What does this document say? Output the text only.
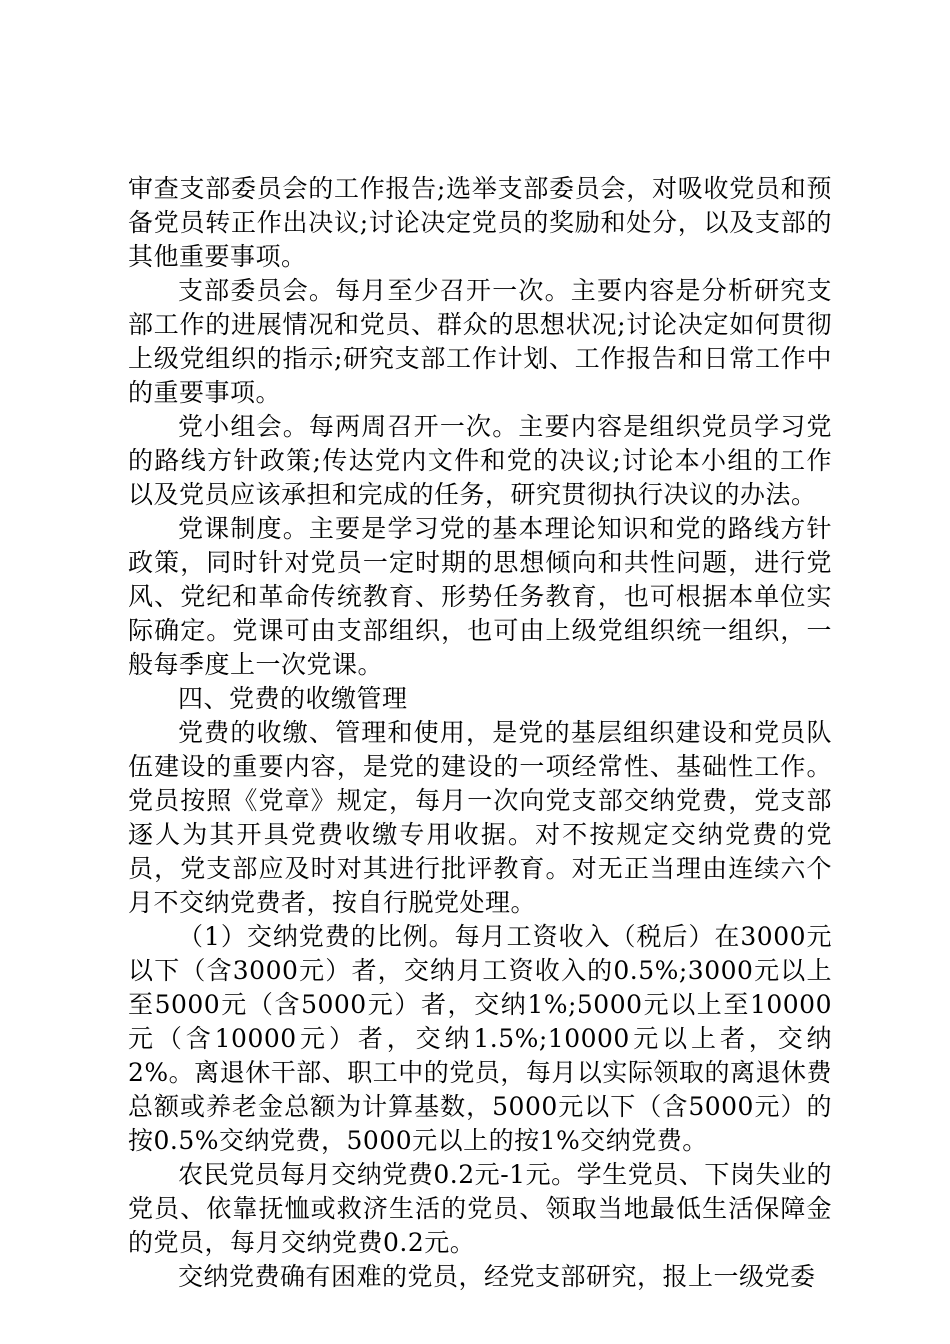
审查支部委员会的工作报告;选举支部委员会，对吸收党员和预备党员转正作出决议;讨论决定党员的奖励和处分，以及支部的其他重要事项。

支部委员会。每月至少召开一次。主要内容是分析研究支部工作的进展情况和党员、群众的思想状况;讨论决定如何贯彻上级党组织的指示;研究支部工作计划、工作报告和日常工作中的重要事项。

党小组会。每两周召开一次。主要内容是组织党员学习党的路线方针政策;传达党内文件和党的决议;讨论本小组的工作以及党员应该承担和完成的任务，研究贯彻执行决议的办法。

党课制度。主要是学习党的基本理论知识和党的路线方针政策，同时针对党员一定时期的思想倾向和共性问题，进行党风、党纪和革命传统教育、形势任务教育，也可根据本单位实际确定。党课可由支部组织，也可由上级党组织统一组织，一般每季度上一次党课。

四、党费的收缴管理

党费的收缴、管理和使用，是党的基层组织建设和党员队伍建设的重要内容，是党的建设的一项经常性、基础性工作。党员按照《党章》规定，每月一次向党支部交纳党费，党支部逐人为其开具党费收缴专用收据。对不按规定交纳党费的党员，党支部应及时对其进行批评教育。对无正当理由连续六个月不交纳党费者，按自行脱党处理。

（1）交纳党费的比例。每月工资收入（税后）在3000元以下（含3000元）者，交纳月工资收入的0.5%;3000元以上至5000元（含5000元）者，交纳1%;5000元以上至10000元（含10000元）者，交纳1.5%;10000元以上者，交纳2%。离退休干部、职工中的党员，每月以实际领取的离退休费总额或养老金总额为计算基数，5000元以下（含5000元）的按0.5%交纳党费，5000元以上的按1%交纳党费。

农民党员每月交纳党费0.2元-1元。学生党员、下岗失业的党员、依靠抚恤或救济生活的党员、领取当地最低生活保障金的党员，每月交纳党费0.2元。

交纳党费确有困难的党员，经党支部研究，报上一级党委
